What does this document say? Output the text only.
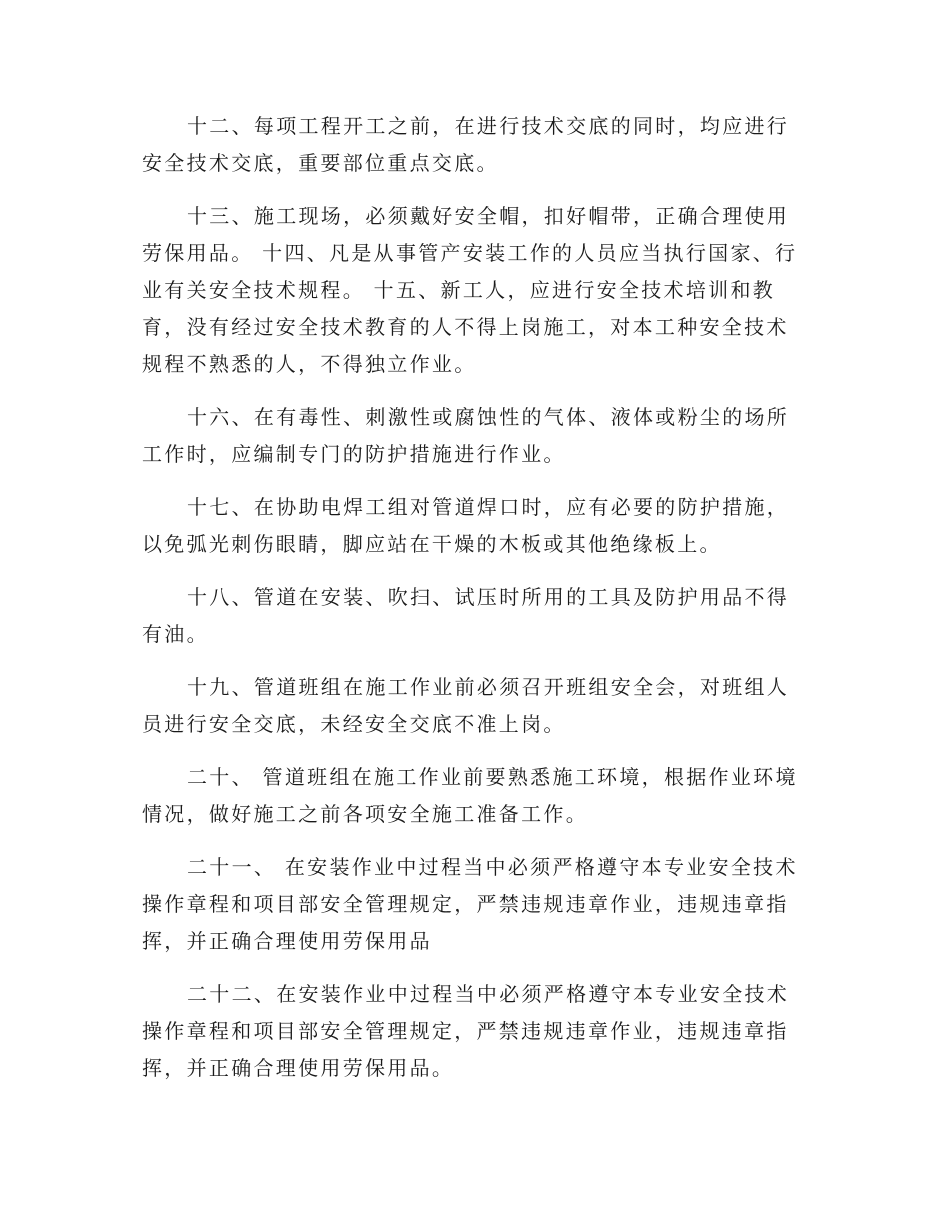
十二、每项工程开工之前，在进行技术交底的同时，均应进行安全技术交底，重要部位重点交底。

十三、施工现场，必须戴好安全帽，扣好帽带，正确合理使用劳保用品。 十四、凡是从事管产安装工作的人员应当执行国家、行业有关安全技术规程。 十五、新工人，应进行安全技术培训和教育，没有经过安全技术教育的人不得上岗施工，对本工种安全技术规程不熟悉的人，不得独立作业。

十六、在有毒性、刺激性或腐蚀性的气体、液体或粉尘的场所工作时，应编制专门的防护措施进行作业。

十七、在协助电焊工组对管道焊口时，应有必要的防护措施，以免弧光刺伤眼睛，脚应站在干燥的木板或其他绝缘板上。

十八、管道在安装、吹扫、试压时所用的工具及防护用品不得有油。

十九、管道班组在施工作业前必须召开班组安全会，对班组人员进行安全交底，未经安全交底不准上岗。

二十、 管道班组在施工作业前要熟悉施工环境，根据作业环境情况，做好施工之前各项安全施工准备工作。

二十一、 在安装作业中过程当中必须严格遵守本专业安全技术操作章程和项目部安全管理规定，严禁违规违章作业，违规违章指挥，并正确合理使用劳保用品

二十二、在安装作业中过程当中必须严格遵守本专业安全技术操作章程和项目部安全管理规定，严禁违规违章作业，违规违章指挥，并正确合理使用劳保用品。
